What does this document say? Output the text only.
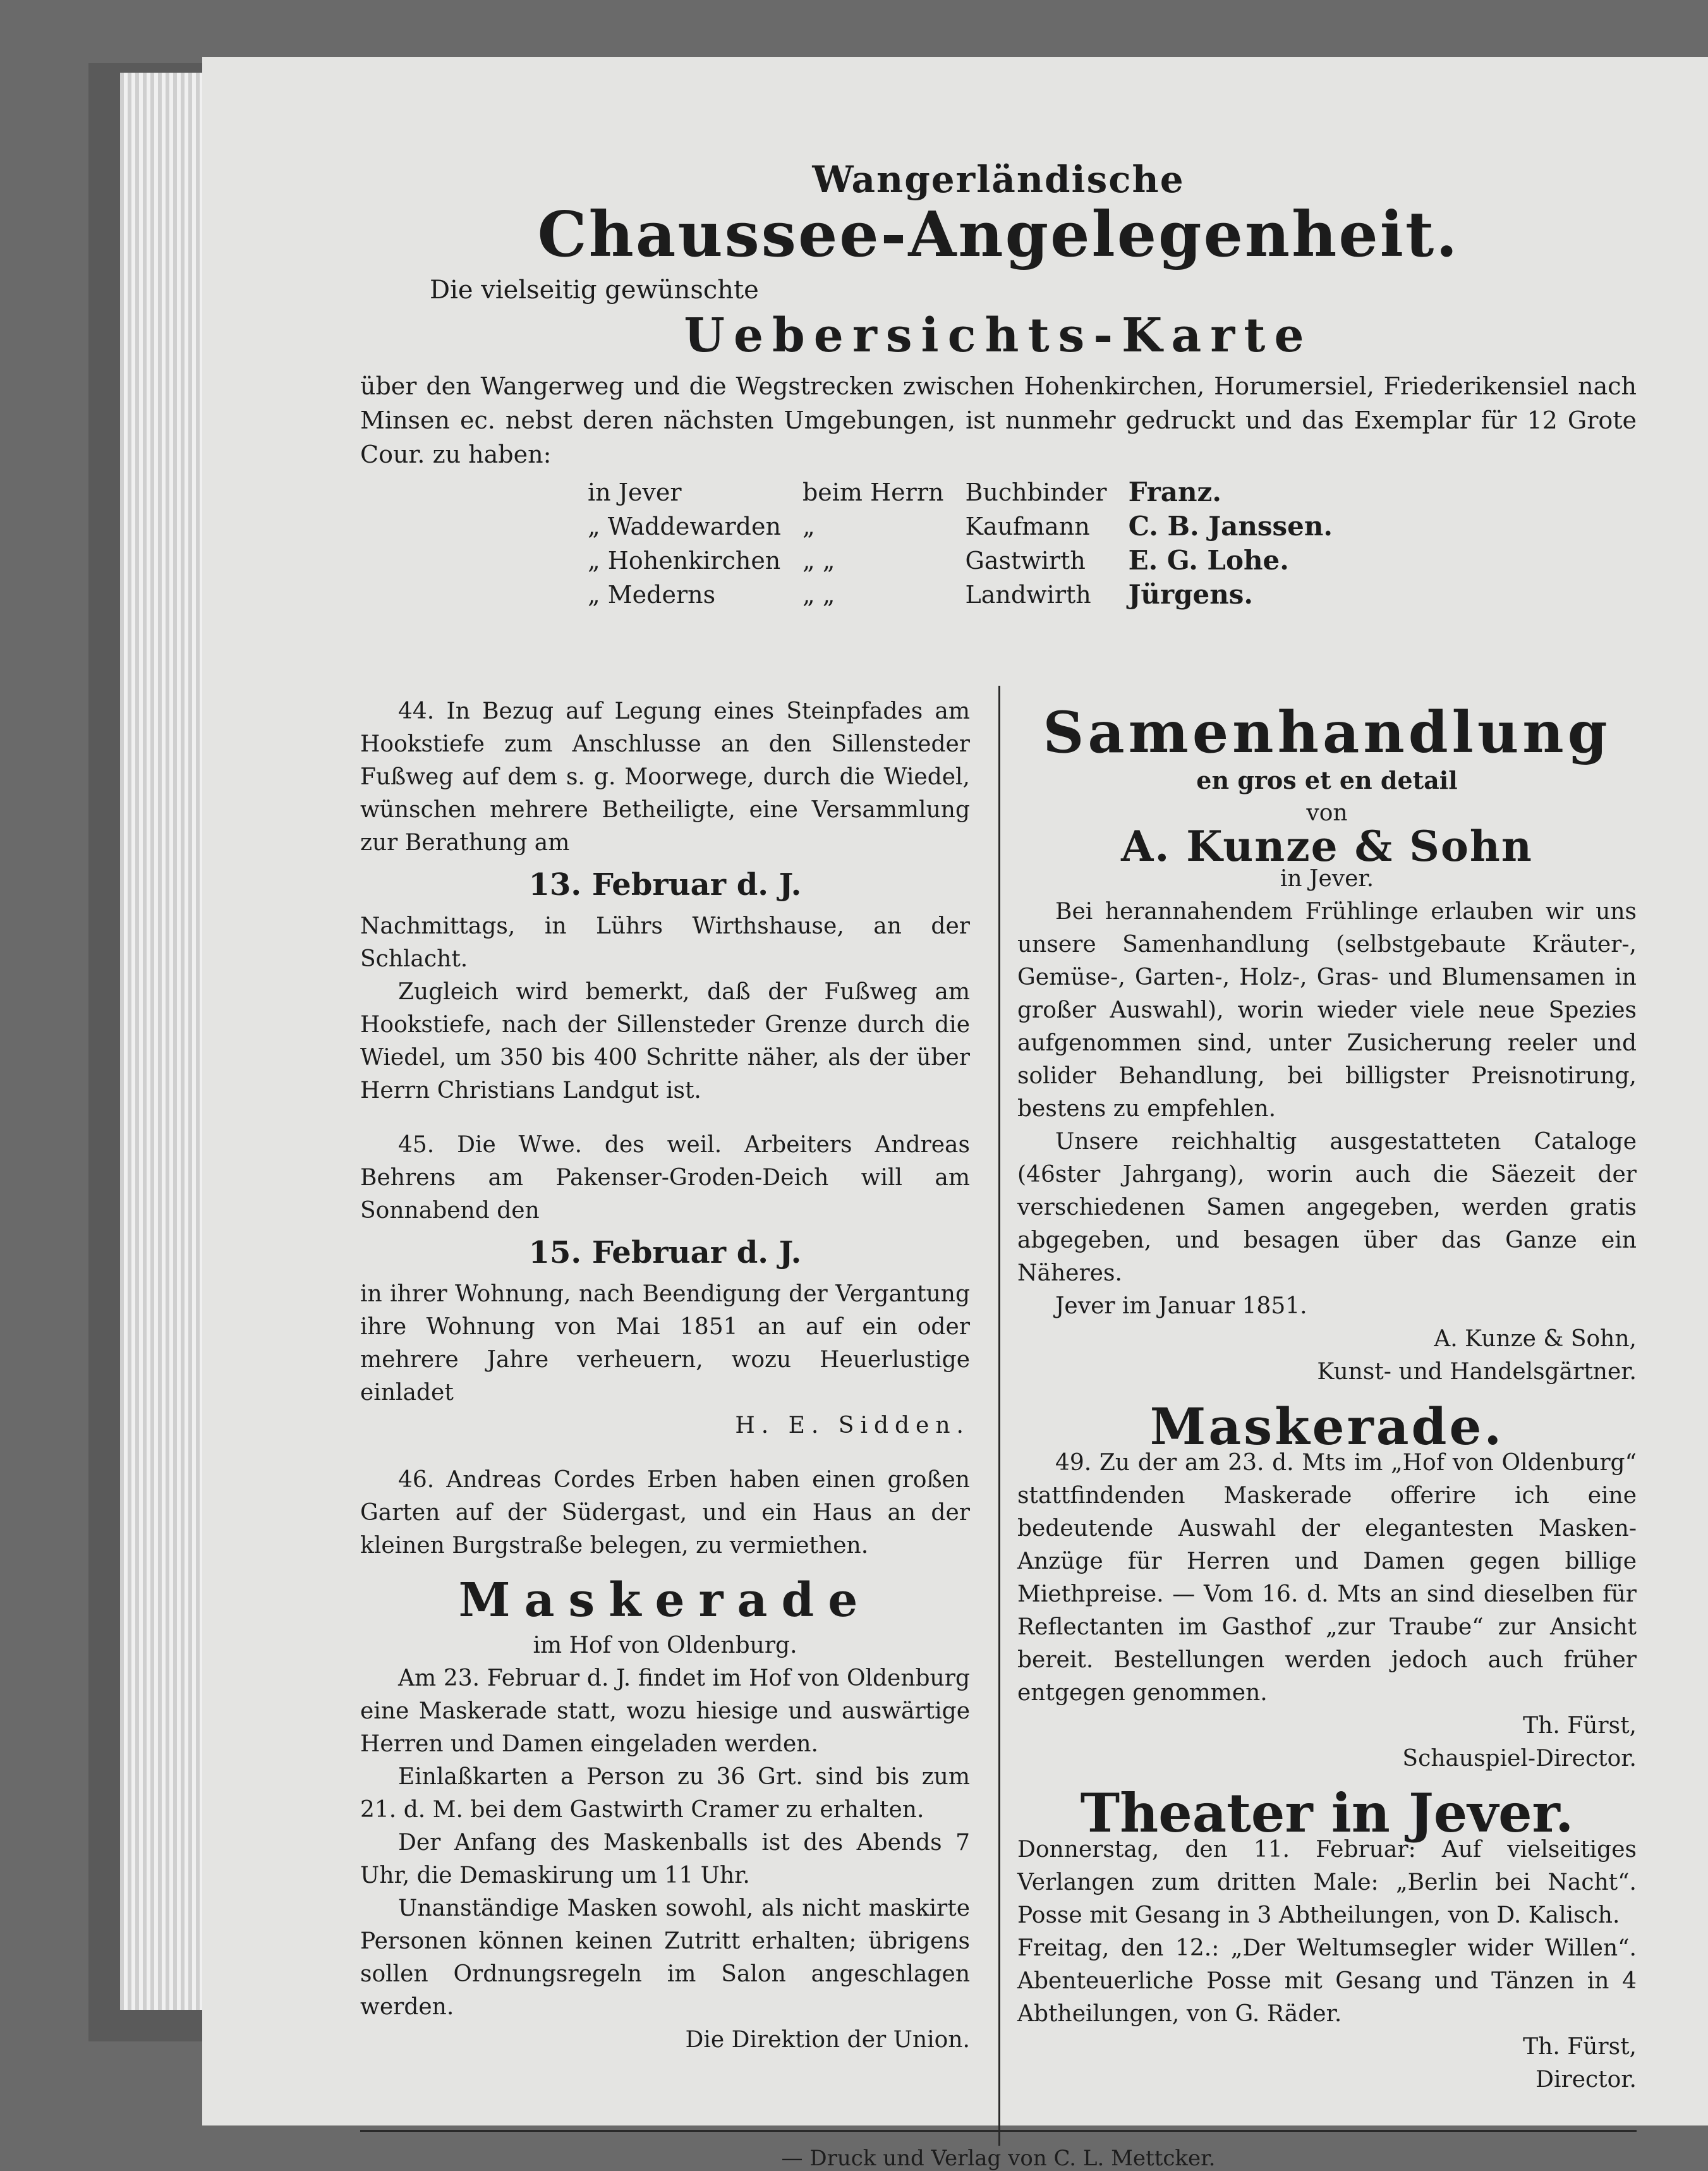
Wangerländische
Chaussee-Angelegenheit.
Die vielseitig gewünschte
Uebersichts-Karte
über den Wangerweg und die Wegstrecken zwischen Hohenkirchen, Horumersiel, Friederikensiel nach Minsen ec. nebst deren nächsten Umgebungen, ist nunmehr gedruckt und das Exemplar für 12 Grote Cour. zu haben:
in Jever	beim Herrn	Buchbinder	Franz.
„ Waddewarden	„	Kaufmann	C. B. Janssen.
„ Hohenkirchen	„ „	Gastwirth	E. G. Lohe.
„ Mederns	„ „	Landwirth	Jürgens.
44. In Bezug auf Legung eines Steinpfades am Hookstiefe zum Anschlusse an den Sillensteder Fußweg auf dem s. g. Moorwege, durch die Wiedel, wünschen mehrere Betheiligte, eine Versammlung zur Berathung am
13. Februar d. J.
Nachmittags, in Lührs Wirthshause, an der Schlacht.
Zugleich wird bemerkt, daß der Fußweg am Hookstiefe, nach der Sillensteder Grenze durch die Wiedel, um 350 bis 400 Schritte näher, als der über Herrn Christians Landgut ist.
45. Die Wwe. des weil. Arbeiters Andreas Behrens am Pakenser-Groden-Deich will am Sonnabend den
15. Februar d. J.
in ihrer Wohnung, nach Beendigung der Vergantung ihre Wohnung von Mai 1851 an auf ein oder mehrere Jahre verheuern, wozu Heuerlustige einladet
H. E. Sidden.
46. Andreas Cordes Erben haben einen großen Garten auf der Südergast, und ein Haus an der kleinen Burgstraße belegen, zu vermiethen.
Maskerade
im Hof von Oldenburg.
Am 23. Februar d. J. findet im Hof von Oldenburg eine Maskerade statt, wozu hiesige und auswärtige Herren und Damen eingeladen werden.
Einlaßkarten a Person zu 36 Grt. sind bis zum 21. d. M. bei dem Gastwirth Cramer zu erhalten.
Der Anfang des Maskenballs ist des Abends 7 Uhr, die Demaskirung um 11 Uhr.
Unanständige Masken sowohl, als nicht maskirte Personen können keinen Zutritt erhalten; übrigens sollen Ordnungsregeln im Salon angeschlagen werden.
Die Direktion der Union.
Samenhandlung
en gros et en detail
von
A. Kunze & Sohn
in Jever.
Bei herannahendem Frühlinge erlauben wir uns unsere Samenhandlung (selbstgebaute Kräuter-, Gemüse-, Garten-, Holz-, Gras- und Blumensamen in großer Auswahl), worin wieder viele neue Spezies aufgenommen sind, unter Zusicherung reeler und solider Behandlung, bei billigster Preisnotirung, bestens zu empfehlen.
Unsere reichhaltig ausgestatteten Cataloge (46ster Jahrgang), worin auch die Säezeit der verschiedenen Samen angegeben, werden gratis abgegeben, und besagen über das Ganze ein Näheres.
Jever im Januar 1851.
A. Kunze & Sohn,
Kunst- und Handelsgärtner.
Maskerade.
49. Zu der am 23. d. Mts im „Hof von Oldenburg“ stattfindenden Maskerade offerire ich eine bedeutende Auswahl der elegantesten Masken-Anzüge für Herren und Damen gegen billige Miethpreise. — Vom 16. d. Mts an sind dieselben für Reflectanten im Gasthof „zur Traube“ zur Ansicht bereit. Bestellungen werden jedoch auch früher entgegen genommen.
Th. Fürst,
Schauspiel-Director.
Theater in Jever.
Donnerstag, den 11. Februar: Auf vielseitiges Verlangen zum dritten Male: „Berlin bei Nacht“. Posse mit Gesang in 3 Abtheilungen, von D. Kalisch.
Freitag, den 12.: „Der Weltumsegler wider Willen“. Abenteuerliche Posse mit Gesang und Tänzen in 4 Abtheilungen, von G. Räder.
Th. Fürst,
Director.
— Druck und Verlag von C. L. Mettcker.
